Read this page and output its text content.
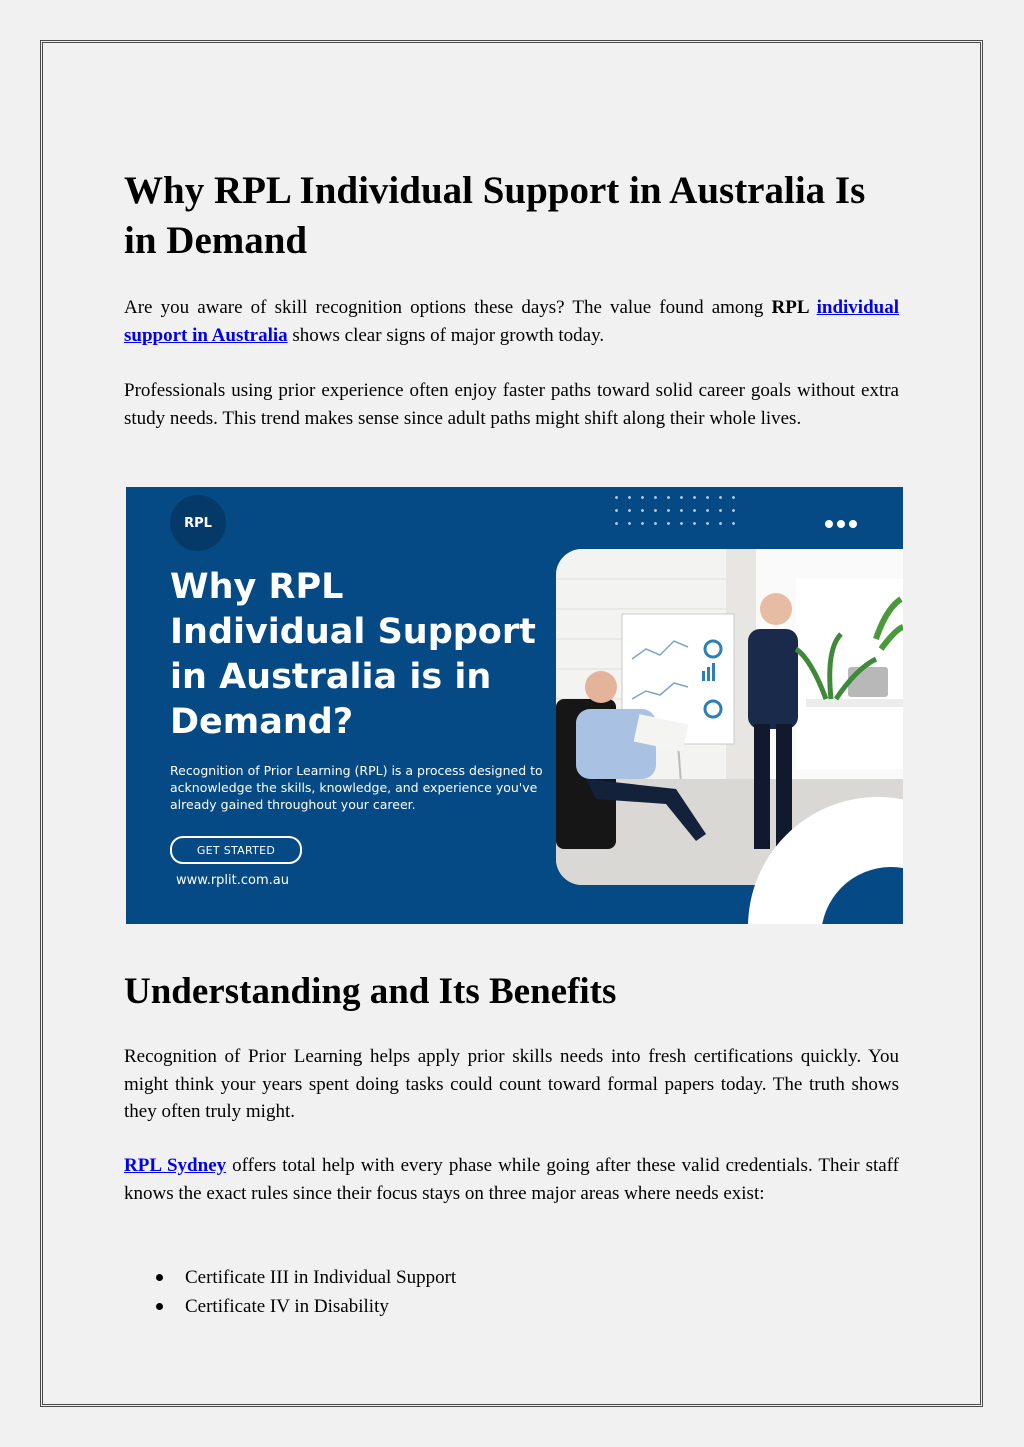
Why RPL Individual Support in Australia Is in Demand

Are you aware of skill recognition options these days? The value found among RPL individual support in Australia shows clear signs of major growth today.

Professionals using prior experience often enjoy faster paths toward solid career goals without extra study needs. This trend makes sense since adult paths might shift along their whole lives.

Understanding and Its Benefits

Recognition of Prior Learning helps apply prior skills needs into fresh certifications quickly. You might think your years spent doing tasks could count toward formal papers today. The truth shows they often truly might.

RPL Sydney offers total help with every phase while going after these valid credentials. Their staff knows the exact rules since their focus stays on three major areas where needs exist:

Certificate III in Individual Support
Certificate IV in Disability
RPL
Why RPL
Individual Support
in Australia is in
Demand?
Recognition of Prior Learning (RPL) is a process designed to
acknowledge the skills, knowledge, and experience you've
already gained throughout your career.
GET STARTED
www.rplit.com.au
